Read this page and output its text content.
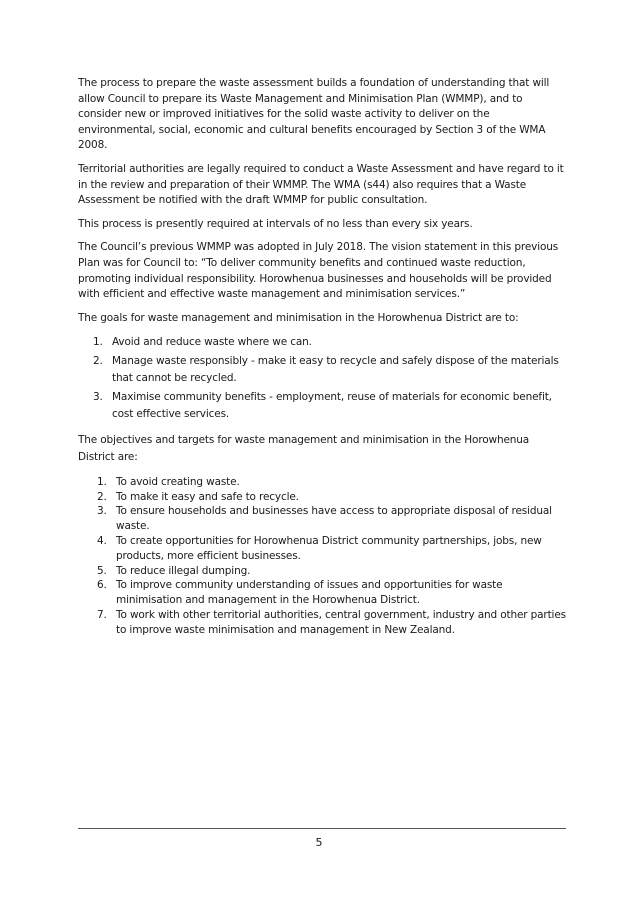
The process to prepare the waste assessment builds a foundation of understanding that will allow Council to prepare its Waste Management and Minimisation Plan (WMMP), and to consider new or improved initiatives for the solid waste activity to deliver on the environmental, social, economic and cultural benefits encouraged by Section 3 of the WMA 2008.

Territorial authorities are legally required to conduct a Waste Assessment and have regard to it in the review and preparation of their WMMP. The WMA (s44) also requires that a Waste Assessment be notified with the draft WMMP for public consultation.

This process is presently required at intervals of no less than every six years.

The Council’s previous WMMP was adopted in July 2018. The vision statement in this previous Plan was for Council to: “To deliver community benefits and continued waste reduction, promoting individual responsibility. Horowhenua businesses and households will be provided with efficient and effective waste management and minimisation services.”

The goals for waste management and minimisation in the Horowhenua District are to:

1. Avoid and reduce waste where we can.
2. Manage waste responsibly - make it easy to recycle and safely dispose of the materials that cannot be recycled.
3. Maximise community benefits - employment, reuse of materials for economic benefit, cost effective services.

The objectives and targets for waste management and minimisation in the Horowhenua District are:

1. To avoid creating waste.
2. To make it easy and safe to recycle.
3. To ensure households and businesses have access to appropriate disposal of residual waste.
4. To create opportunities for Horowhenua District community partnerships, jobs, new products, more efficient businesses.
5. To reduce illegal dumping.
6. To improve community understanding of issues and opportunities for waste minimisation and management in the Horowhenua District.
7. To work with other territorial authorities, central government, industry and other parties to improve waste minimisation and management in New Zealand.
5
